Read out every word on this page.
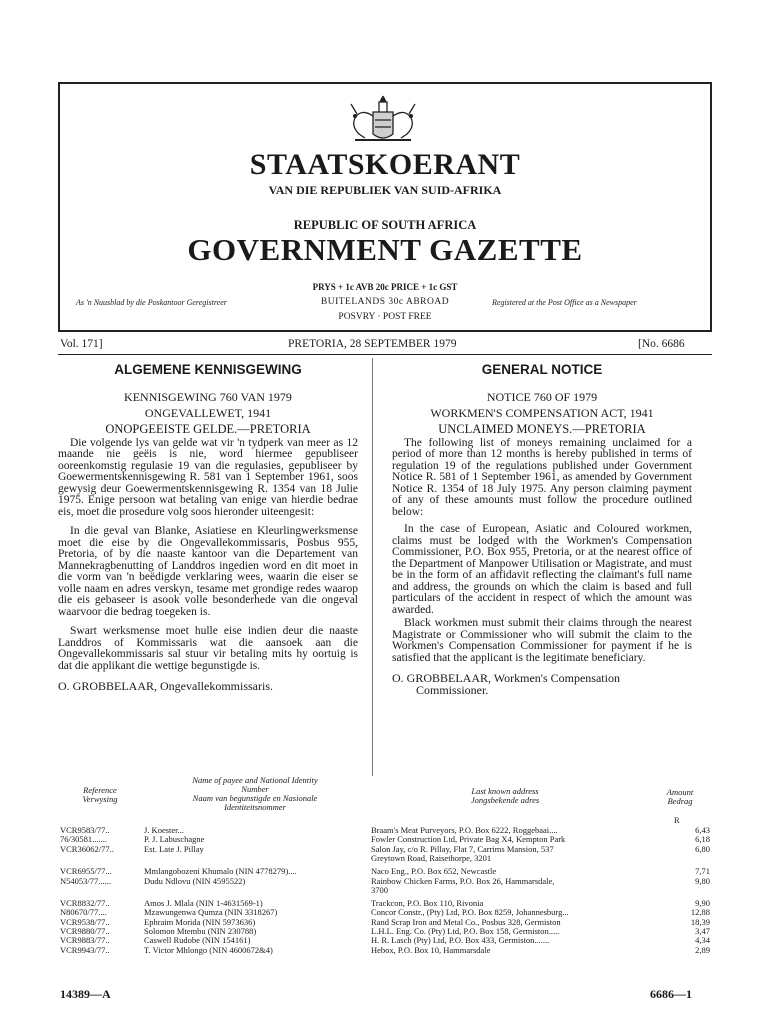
STAATSKOERANT
VAN DIE REPUBLIEK VAN SUID-AFRIKA
REPUBLIC OF SOUTH AFRICA
GOVERNMENT GAZETTE
PRYS + 1c AVB 20c PRICE + 1c GST
BUITELANDS 30c ABROAD
POSVRY · POST FREE
As 'n Nuusblad by die Poskantoor Geregistreer	Registered at the Post Office as a Newspaper
Vol. 171]	PRETORIA, 28 SEPTEMBER 1979	[No. 6686

ALGEMENE KENNISGEWING

KENNISGEWING 760 VAN 1979

ONGEVALLEWET, 1941

ONOPGEEISTE GELDE.—PRETORIA

Die volgende lys van gelde wat vir 'n tydperk van meer as 12 maande nie geëis is nie, word hiermee gepubliseer ooreenkomstig regulasie 19 van die regulasies, gepubliseer by Goewermentskennisgewing R. 581 van 1 September 1961, soos gewysig deur Goewermentskennisgewing R. 1354 van 18 Julie 1975. Enige persoon wat betaling van enige van hierdie bedrae eis, moet die prosedure volg soos hieronder uiteengesit:

In die geval van Blanke, Asiatiese en Kleurlingwerksmense moet die eise by die Ongevallekommissaris, Posbus 955, Pretoria, of by die naaste kantoor van die Departement van Mannekragbenutting of Landdros ingedien word en dit moet in die vorm van 'n beëdigde verklaring wees, waarin die eiser se volle naam en adres verskyn, tesame met grondige redes waarop die eis gebaseer is asook volle besonderhede van die ongeval waarvoor die bedrag toegeken is.

Swart werksmense moet hulle eise indien deur die naaste Landdros of Kommissaris wat die aansoek aan die Ongevallekommissaris sal stuur vir betaling mits hy oortuig is dat die applikant die wettige begunstigde is.

O. GROBBELAAR, Ongevallekommissaris.

GENERAL NOTICE

NOTICE 760 OF 1979

WORKMEN'S COMPENSATION ACT, 1941

UNCLAIMED MONEYS.—PRETORIA

The following list of moneys remaining unclaimed for a period of more than 12 months is hereby published in terms of regulation 19 of the regulations published under Government Notice R. 581 of 1 September 1961, as amended by Government Notice R. 1354 of 18 July 1975. Any person claiming payment of any of these amounts must follow the procedure outlined below:

In the case of European, Asiatic and Coloured workmen, claims must be lodged with the Workmen's Compensation Commissioner, P.O. Box 955, Pretoria, or at the nearest office of the Department of Manpower Utilisation or Magistrate, and must be in the form of an affidavit reflecting the claimant's full name and address, the grounds on which the claim is based and full particulars of the accident in respect of which the amount was awarded.

Black workmen must submit their claims through the nearest Magistrate or Commissioner who will submit the claim to the Workmen's Compensation Commissioner for payment if he is satisfied that the applicant is the legitimate beneficiary.

O. GROBBELAAR, Workmen's Compensation

Commissioner.

Reference
Verwysing
Name of payee and National Identity
Number
Naam van begunstigde en Nasionale
Identiteitsnommer
Last known address
Jongsbekende adres
Amount
Bedrag
R
VCR9583/77..	J. Koester...	Braam's Meat Purveyors, P.O. Box 6222, Roggebaai....	6,43
76/30581.......	P. J. Labuschagne	Fowler Construction Ltd, Private Bag X4, Kempton Park	6,18
VCR36062/77..	Est. Late J. Pillay	Salon Jay, c/o R. Pillay, Flat 7, Carrims Mansion, 537	6,80
Greytown Road, Raisethorpe, 3201
VCR6955/77...	Mmlangobozeni Khumalo (NIN 4778279)....	Naco Eng., P.O. Box 652, Newcastle	7,71
N54053/77......	Dudu Ndlovu (NIN 4595522)	Rainbow Chicken Farms, P.O. Box 26, Hammarsdale,	9,80
3700
VCR8832/77..	Amos J. Mlala (NIN 1-4631569-1)	Trackcon, P.O. Box 110, Rivonia	9,90
N80670/77....	Mzawungenwa Qumza (NIN 3318267)	Concor Constr., (Pty) Ltd, P.O. Box 8259, Johannesburg...	12,88
VCR9538/77..	Ephraim Morida (NIN 5973636)	Rand Scrap Iron and Metal Co., Posbus 328, Germiston	18,39
VCR9880/77..	Solomon Mtembu (NIN 230788)	L.H.L. Eng. Co. (Pty) Ltd, P.O. Box 158, Germiston.....	3,47
VCR9883/77..	Caswell Rudobe (NIN 154161)	H. R. Lasch (Pty) Ltd, P.O. Box 433, Germiston.......	4,34
VCR9943/77..	T. Victor Mhlongo (NIN 4600672&4)	Hebox, P.O. Box 10, Hammarsdale	2,89
14389—A	6686—1
